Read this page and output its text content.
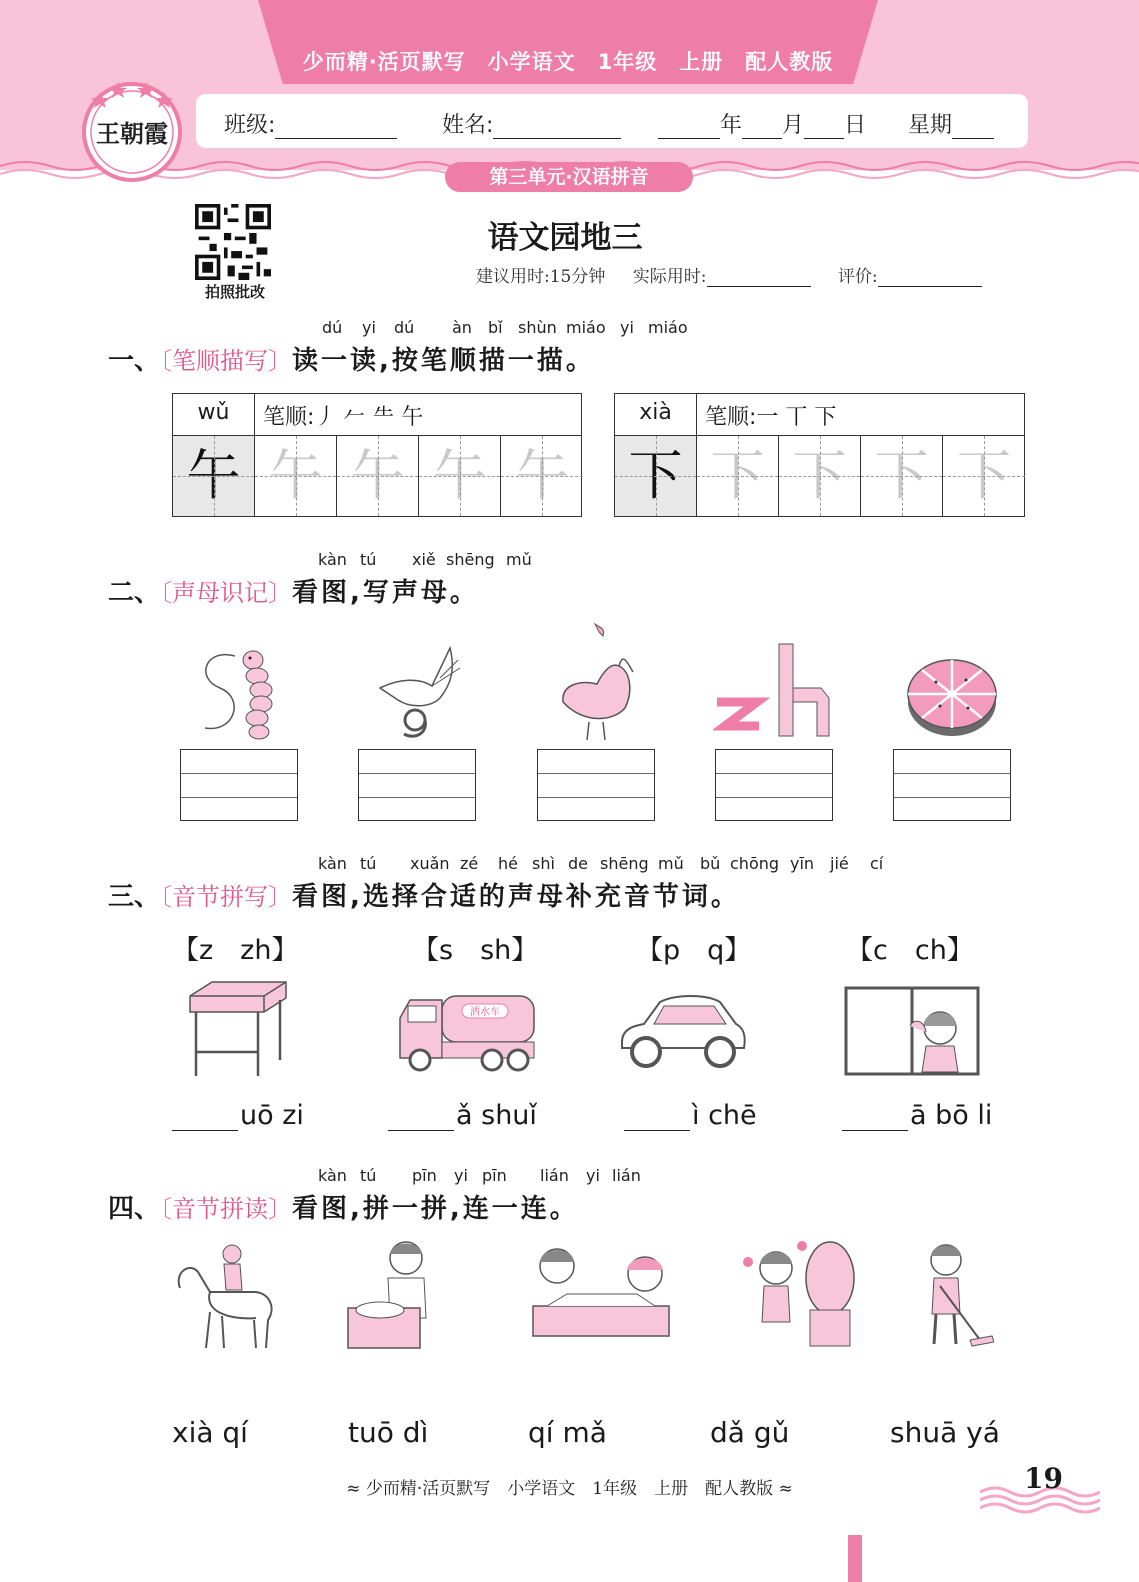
少而精·活页默写　小学语文　1年级　上册　配人教版
班级:	姓名:	年 月 日 星期
第三单元·汉语拼音
王朝霞
拍照批改
语文园地三
建议用时:15分钟 实际用时:	评价:
dú yi dú àn bǐ shùn miáo yi miáo
一、〔笔顺描写〕读一读,按笔顺描一描。
wǔ	笔顺:丿 𠂉 ⺧ 午
午 午 午 午 午
xià	笔顺:一 丅 下
下 下 下 下 下
kàn tú xiě shēng mǔ
二、〔声母识记〕看图,写声母。
kàn tú xuǎn zé hé shì de shēng mǔ bǔ chōng yīn jié cí
三、〔音节拼写〕看图,选择合适的声母补充音节词。
【z　zh】	【s　sh】	【p　q】	【c　ch】
洒水车
uō zi	ǎ shuǐ	ì chē	ā bō li
kàn tú pīn yi pīn lián yi lián
四、〔音节拼读〕看图,拼一拼,连一连。
xià qí	tuō dì	qí mǎ	dǎ gǔ	shuā yá
≈ 少而精·活页默写　小学语文　1年级　上册　配人教版 ≈	19
